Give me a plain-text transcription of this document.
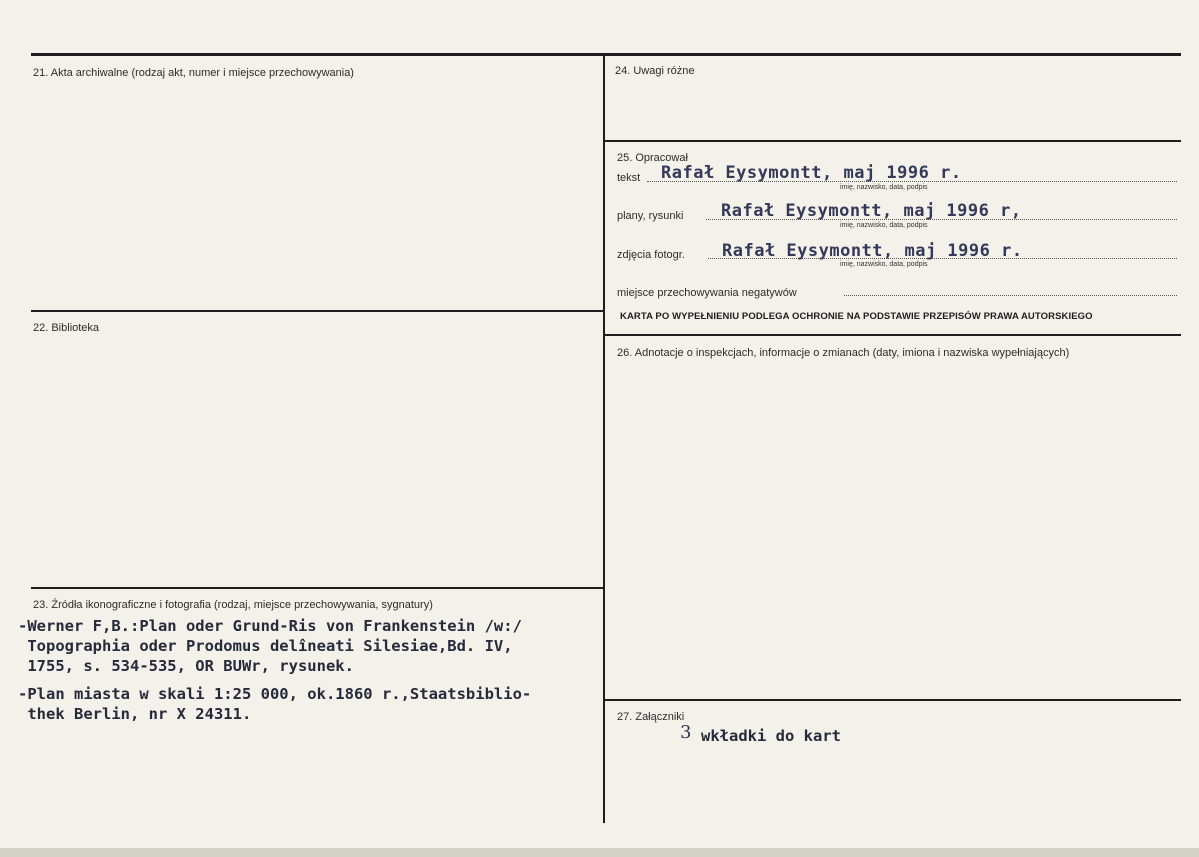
21. Akta archiwalne (rodzaj akt, numer i miejsce przechowywania)
22. Biblioteka
23. Źródła ikonograficzne i fotografia (rodzaj, miejsce przechowywania, sygnatury)
-Werner F,B.:Plan oder Grund-Ris von Frankenstein /w:/
Topographia oder Prodomus delîneati Silesiae,Bd. IV,
1755, s. 534-535, OR BUWr, rysunek.
-Plan miasta w skali 1:25 000, ok.1860 r.,Staatsbiblio-
thek Berlin, nr X 24311.
24. Uwagi różne
25. Opracował
tekst Rafał Eysymontt, maj 1996 r.
imię, nazwisko, data, podpis
plany, rysunki Rafał Eysymontt, maj 1996 r,
imię, nazwisko, data, podpis
zdjęcia fotogr. Rafał Eysymontt, maj 1996 r.
imię, nazwisko, data, podpis
miejsce przechowywania negatywów
KARTA PO WYPEŁNIENIU PODLEGA OCHRONIE NA PODSTAWIE PRZEPISÓW PRAWA AUTORSKIEGO
26. Adnotacje o inspekcjach, informacje o zmianach (daty, imiona i nazwiska wypełniających)
27. Załączniki
3 wkładki do kart
